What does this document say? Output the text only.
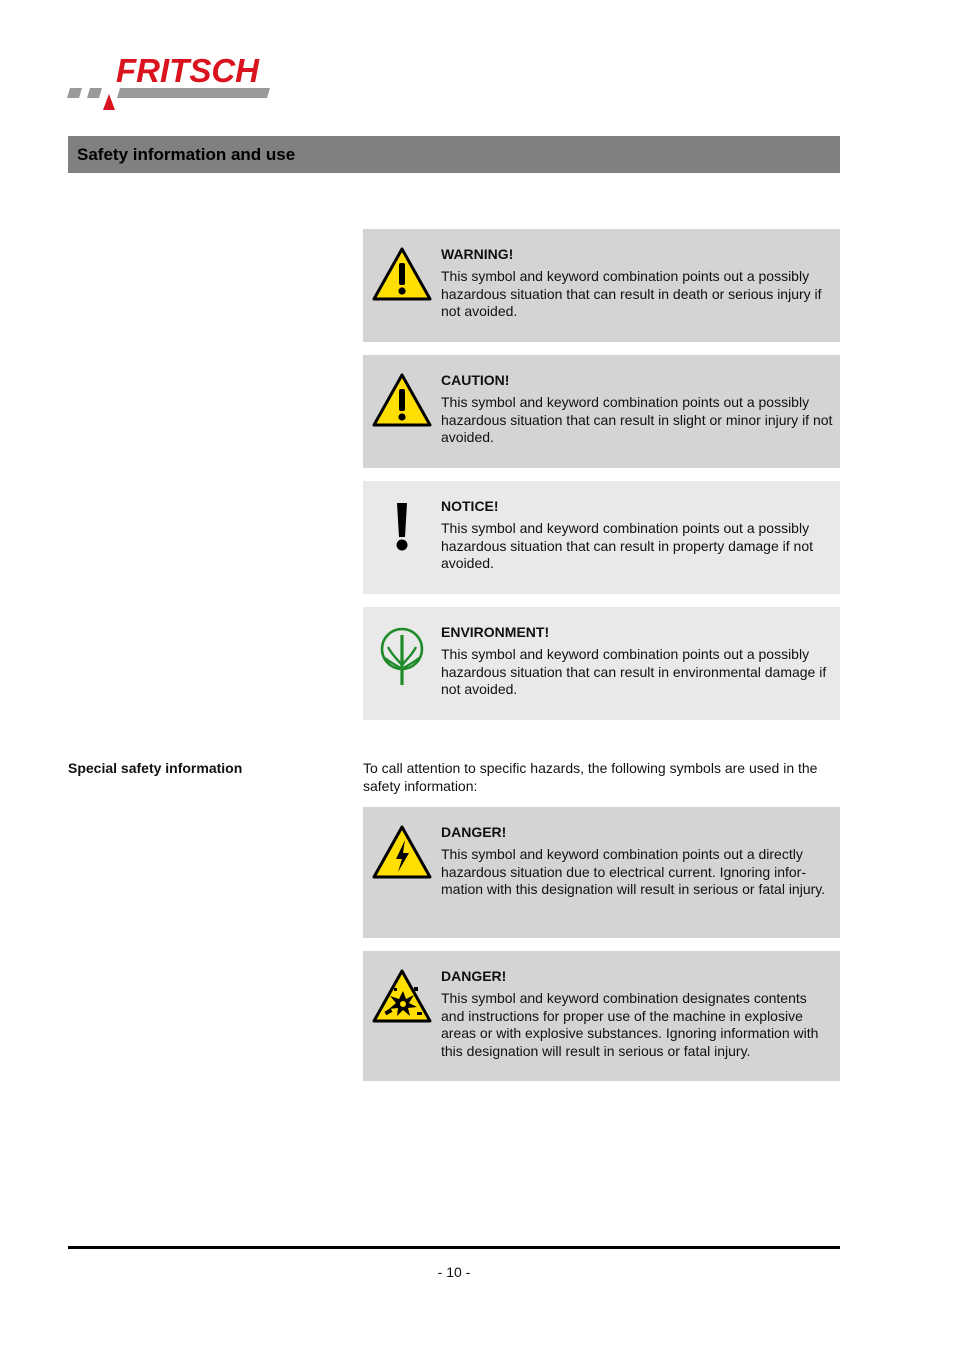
FRITSCH
Safety information and use
WARNING!
This symbol and keyword combination points out a possibly hazardous situation that can result in death or serious injury if not avoided.
CAUTION!
This symbol and keyword combination points out a possibly hazardous situation that can result in slight or minor injury if not avoided.
NOTICE!
This symbol and keyword combination points out a possibly hazardous situation that can result in property damage if not avoided.
ENVIRONMENT!
This symbol and keyword combination points out a possibly hazardous situation that can result in environmental damage if not avoided.
Special safety information	To call attention to specific hazards, the following symbols are used in the safety information:
DANGER!
This symbol and keyword combination points out a directly hazardous situation due to electrical current. Ignoring infor-mation with this designation will result in serious or fatal injury.
DANGER!
This symbol and keyword combination designates contents and instructions for proper use of the machine in explosive areas or with explosive substances. Ignoring information with this designation will result in serious or fatal injury.
- 10 -
